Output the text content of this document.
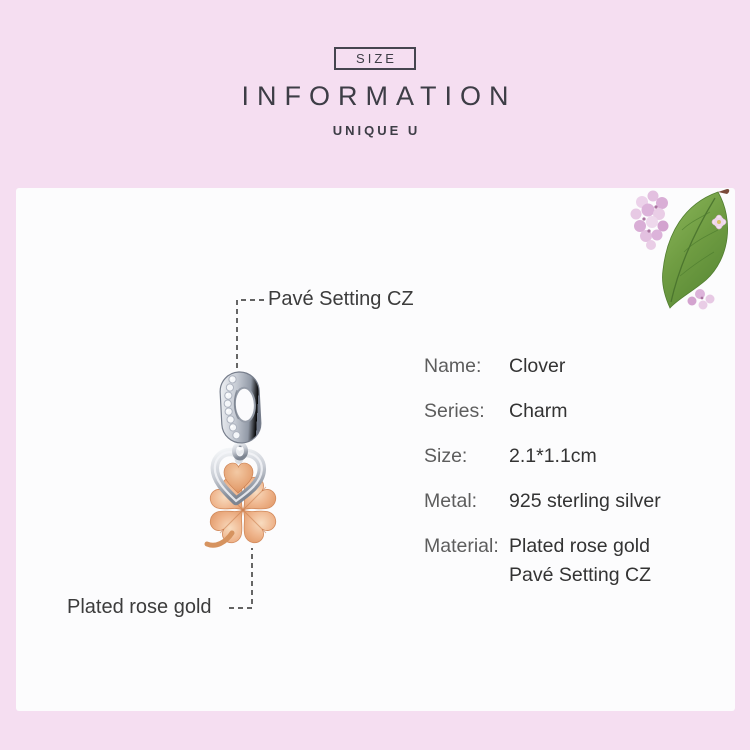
SIZE
INFORMATION
UNIQUE U
Pavé Setting CZ
Plated rose gold
Name:	Clover
Series:	Charm
Size:	2.1*1.1cm
Metal:	925 sterling silver
Material: Plated rose gold
Pavé Setting CZ
